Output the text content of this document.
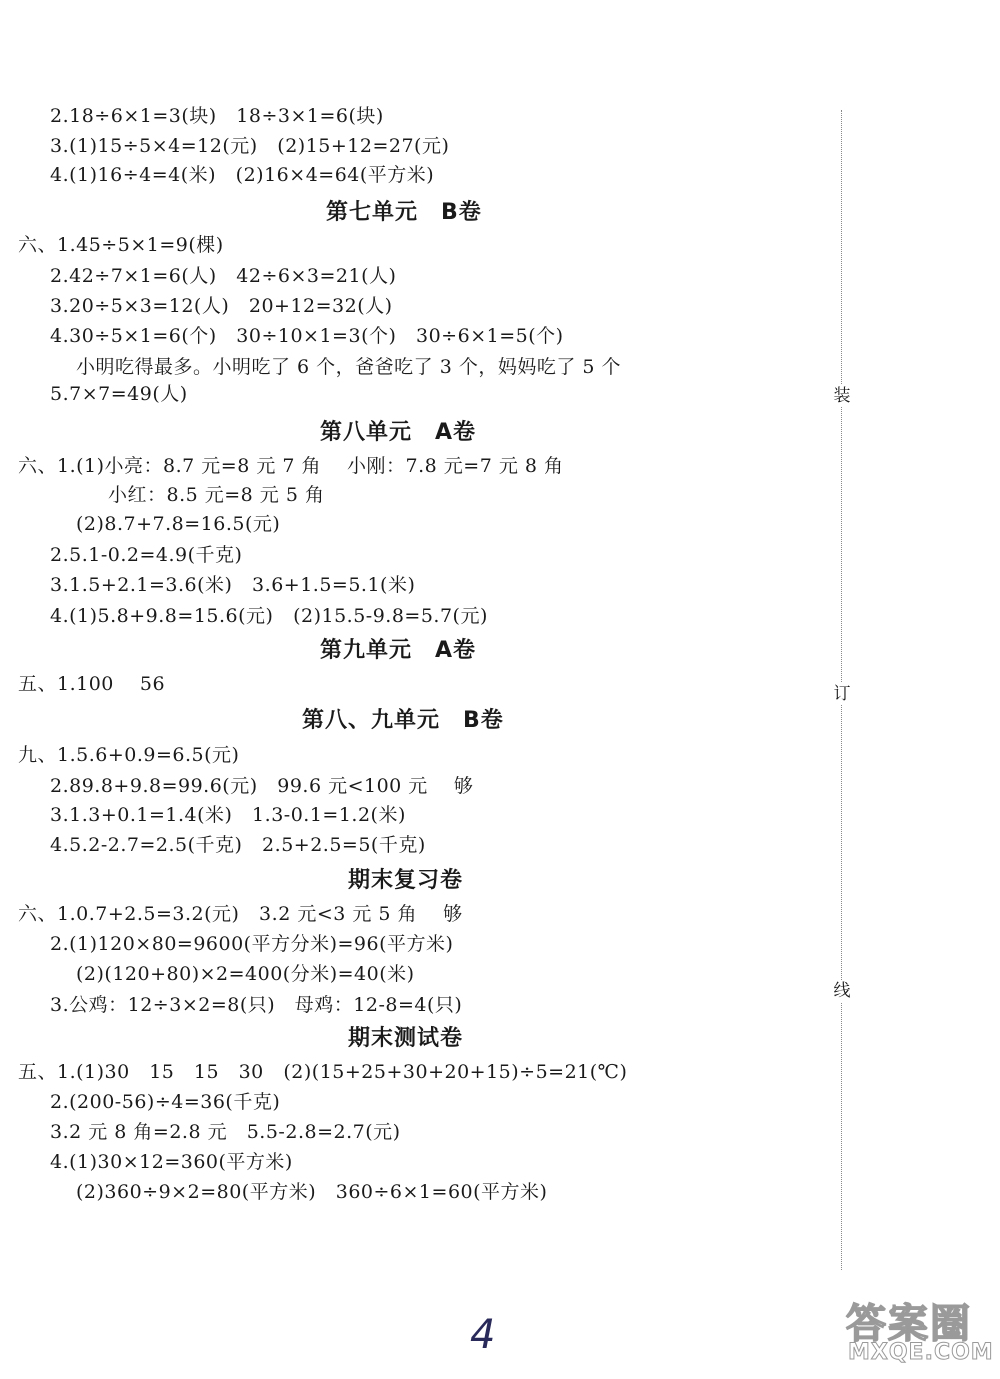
2.18÷6×1=3(块)   18÷3×1=6(块)
3.(1)15÷5×4=12(元)   (2)15+12=27(元)
4.(1)16÷4=4(米)   (2)16×4=64(平方米)
第七单元　B卷
六、1.45÷5×1=9(棵)
2.42÷7×1=6(人)   42÷6×3=21(人)
3.20÷5×3=12(人)   20+12=32(人)
4.30÷5×1=6(个)   30÷10×1=3(个)   30÷6×1=5(个)
小明吃得最多。小明吃了 6 个，爸爸吃了 3 个，妈妈吃了 5 个
5.7×7=49(人)
第八单元　A卷
六、1.(1)小亮：8.7 元=8 元 7 角　 小刚：7.8 元=7 元 8 角
小红：8.5 元=8 元 5 角
(2)8.7+7.8=16.5(元)
2.5.1-0.2=4.9(千克)
3.1.5+2.1=3.6(米)   3.6+1.5=5.1(米)
4.(1)5.8+9.8=15.6(元)   (2)15.5-9.8=5.7(元)
第九单元　A卷
五、1.100　 56
第八、九单元　B卷
九、1.5.6+0.9=6.5(元)
2.89.8+9.8=99.6(元)   99.6 元<100 元　 够
3.1.3+0.1=1.4(米)   1.3-0.1=1.2(米)
4.5.2-2.7=2.5(千克)   2.5+2.5=5(千克)
期末复习卷
六、1.0.7+2.5=3.2(元)   3.2 元<3 元 5 角　 够
2.(1)120×80=9600(平方分米)=96(平方米)
(2)(120+80)×2=400(分米)=40(米)
3.公鸡：12÷3×2=8(只)   母鸡：12-8=4(只)
期末测试卷
五、1.(1)30　15　15　30   (2)(15+25+30+20+15)÷5=21(℃)
2.(200-56)÷4=36(千克)
3.2 元 8 角=2.8 元   5.5-2.8=2.7(元)
4.(1)30×12=360(平方米)
(2)360÷9×2=80(平方米)   360÷6×1=60(平方米)
装
订
线
4	答案圈
MXQE.COM
